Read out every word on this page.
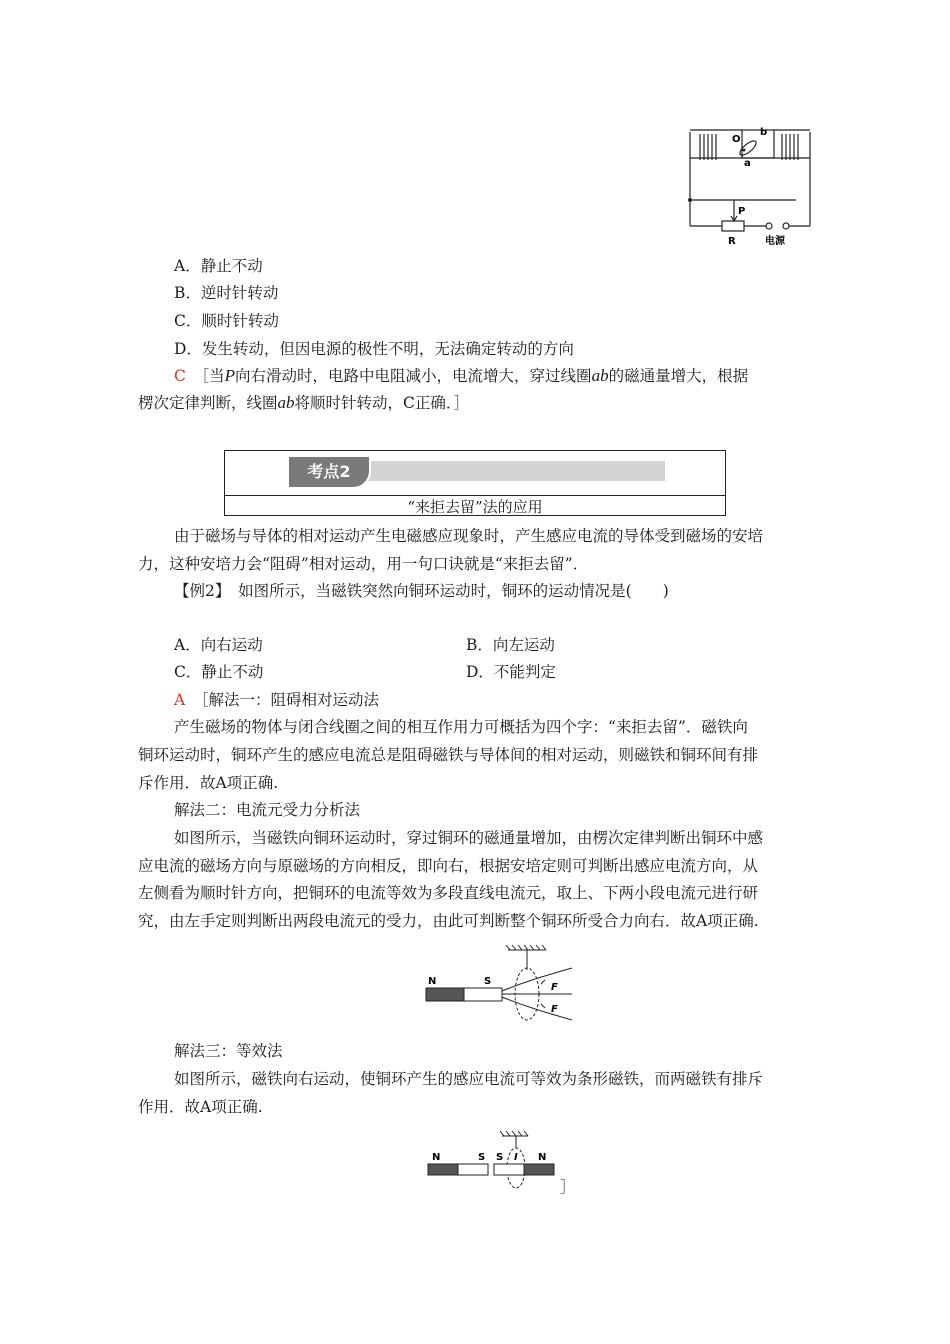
O
a
b
P
R	电源
A．静止不动
B．逆时针转动
C．顺时针转动
D．发生转动，但因电源的极性不明，无法确定转动的方向
C　 ［当P向右滑动时，电路中电阻减小，电流增大，穿过线圈ab的磁通量增大，根据
楞次定律判断，线圈ab将顺时针转动，C正确．］
考点2
“来拒去留”法的应用
由于磁场与导体的相对运动产生电磁感应现象时，产生感应电流的导体受到磁场的安培
力，这种安培力会“阻碍”相对运动，用一句口诀就是“来拒去留”．
【例2】　 如图所示，当磁铁突然向铜环运动时，铜环的运动情况是(　　)
A．向右运动	B．向左运动
C．静止不动	D．不能判定
A　 ［解法一：阻碍相对运动法
产生磁场的物体与闭合线圈之间的相互作用力可概括为四个字：“来拒去留”．磁铁向
铜环运动时，铜环产生的感应电流总是阻碍磁铁与导体间的相对运动，则磁铁和铜环间有排
斥作用．故A项正确.
解法二：电流元受力分析法
如图所示，当磁铁向铜环运动时，穿过铜环的磁通量增加，由楞次定律判断出铜环中感
应电流的磁场方向与原磁场的方向相反，即向右，根据安培定则可判断出感应电流方向，从
左侧看为顺时针方向，把铜环的电流等效为多段直线电流元，取上、下两小段电流元进行研
究，由左手定则判断出两段电流元的受力，由此可判断整个铜环所受合力向右．故A项正确.
N	S
F
F
解法三：等效法
如图所示，磁铁向右运动，使铜环产生的感应电流可等效为条形磁铁，而两磁铁有排斥
作用．故A项正确.
N	S S I N
］
